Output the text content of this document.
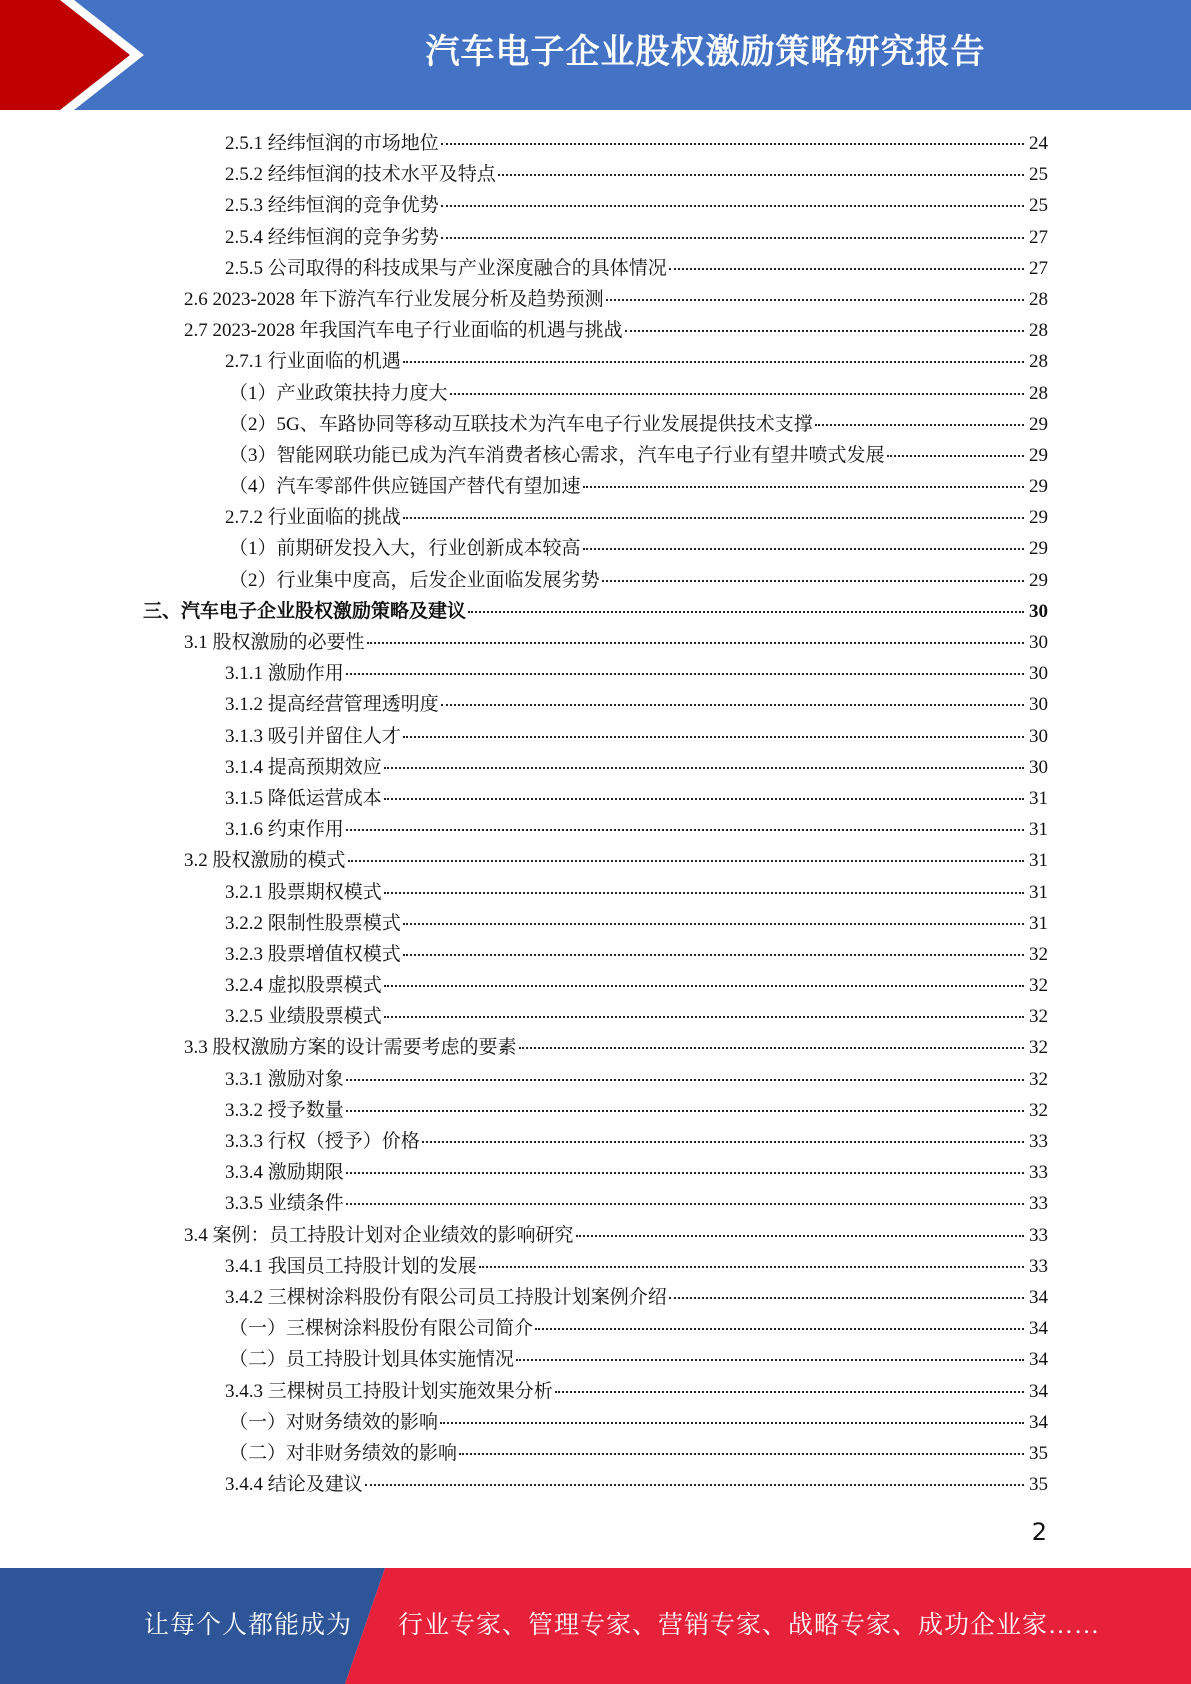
汽车电子企业股权激励策略研究报告
2.5.1 经纬恒润的市场地位	24
2.5.2 经纬恒润的技术水平及特点	25
2.5.3 经纬恒润的竞争优势	25
2.5.4 经纬恒润的竞争劣势	27
2.5.5 公司取得的科技成果与产业深度融合的具体情况	27
2.6 2023-2028 年下游汽车行业发展分析及趋势预测	28
2.7 2023-2028 年我国汽车电子行业面临的机遇与挑战	28
2.7.1 行业面临的机遇	28
（1）产业政策扶持力度大	28
（2）5G、车路协同等移动互联技术为汽车电子行业发展提供技术支撑	29
（3）智能网联功能已成为汽车消费者核心需求，汽车电子行业有望井喷式发展	29
（4）汽车零部件供应链国产替代有望加速	29
2.7.2 行业面临的挑战	29
（1）前期研发投入大，行业创新成本较高	29
（2）行业集中度高，后发企业面临发展劣势	29
三、汽车电子企业股权激励策略及建议	30
3.1 股权激励的必要性	30
3.1.1 激励作用	30
3.1.2 提高经营管理透明度	30
3.1.3 吸引并留住人才	30
3.1.4 提高预期效应	30
3.1.5 降低运营成本	31
3.1.6 约束作用	31
3.2 股权激励的模式	31
3.2.1 股票期权模式	31
3.2.2 限制性股票模式	31
3.2.3 股票增值权模式	32
3.2.4 虚拟股票模式	32
3.2.5 业绩股票模式	32
3.3 股权激励方案的设计需要考虑的要素	32
3.3.1 激励对象	32
3.3.2 授予数量	32
3.3.3 行权（授予）价格	33
3.3.4 激励期限	33
3.3.5 业绩条件	33
3.4 案例：员工持股计划对企业绩效的影响研究	33
3.4.1 我国员工持股计划的发展	33
3.4.2 三棵树涂料股份有限公司员工持股计划案例介绍	34
（一）三棵树涂料股份有限公司简介	34
（二）员工持股计划具体实施情况	34
3.4.3 三棵树员工持股计划实施效果分析	34
（一）对财务绩效的影响	34
（二）对非财务绩效的影响	35
3.4.4 结论及建议	35
2
让每个人都能成为 行业专家、管理专家、营销专家、战略专家、成功企业家……
